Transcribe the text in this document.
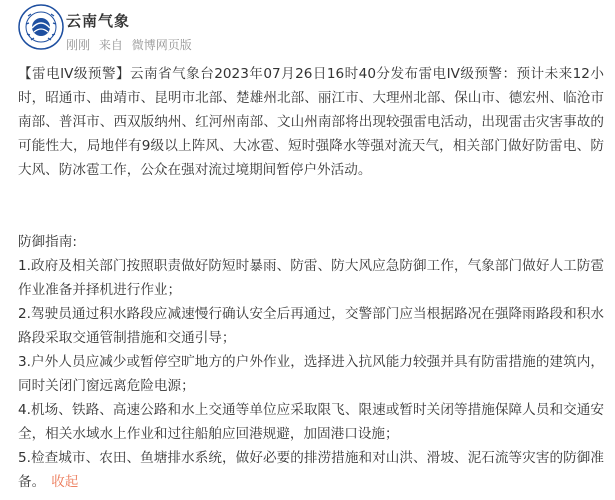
云南气象
刚刚 来自 微博网页版

【雷电IV级预警】云南省气象台2023年07月26日16时40分发布雷电IV级预警：预计未来12小时，昭通市、曲靖市、昆明市北部、楚雄州北部、丽江市、大理州北部、保山市、德宏州、临沧市南部、普洱市、西双版纳州、红河州南部、文山州南部将出现较强雷电活动，出现雷击灾害事故的可能性大，局地伴有9级以上阵风、大冰雹、短时强降水等强对流天气，相关部门做好防雷电、防大风、防冰雹工作，公众在强对流过境期间暂停户外活动。

防御指南:

1.政府及相关部门按照职责做好防短时暴雨、防雷、防大风应急防御工作，气象部门做好人工防雹作业准备并择机进行作业；

2.驾驶员通过积水路段应减速慢行确认安全后再通过，交警部门应当根据路况在强降雨路段和积水路段采取交通管制措施和交通引导；

3.户外人员应减少或暂停空旷地方的户外作业，选择进入抗风能力较强并具有防雷措施的建筑内，同时关闭门窗远离危险电源；

4.机场、铁路、高速公路和水上交通等单位应采取限飞、限速或暂时关闭等措施保障人员和交通安全，相关水域水上作业和过往船舶应回港规避，加固港口设施；

5.检查城市、农田、鱼塘排水系统，做好必要的排涝措施和对山洪、滑坡、泥石流等灾害的防御准备。 收起
